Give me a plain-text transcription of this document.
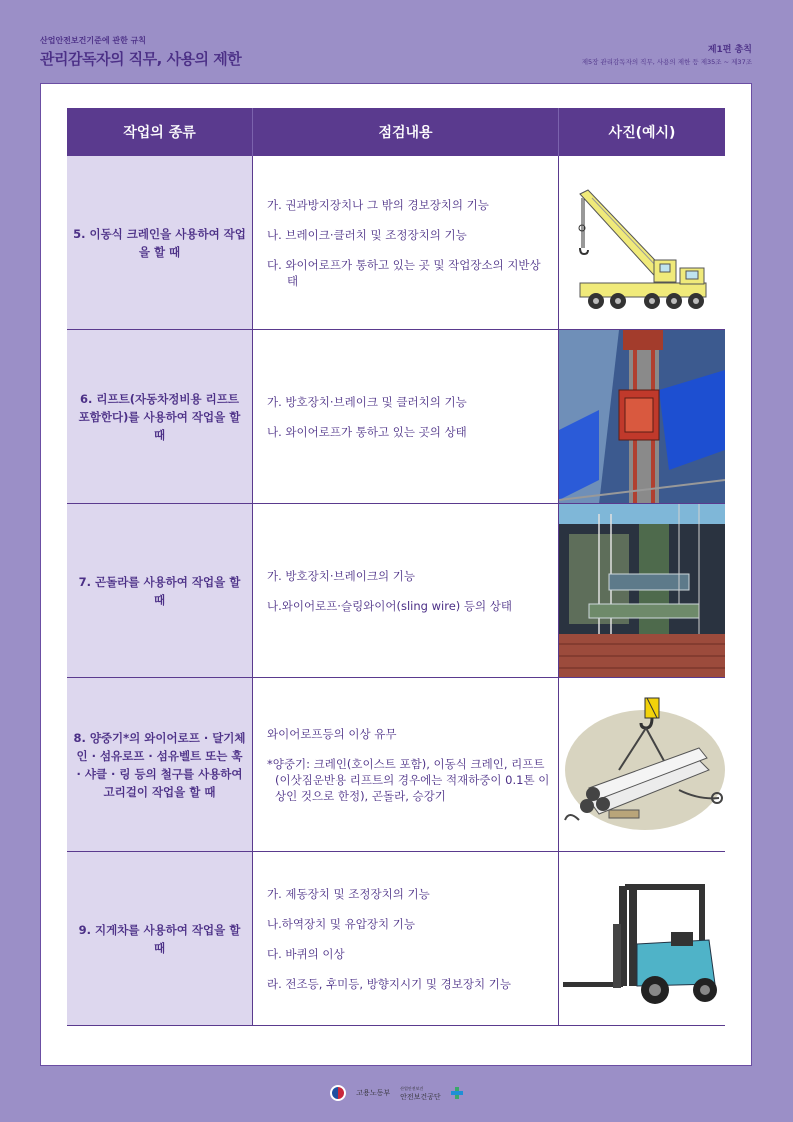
산업안전보건기준에 관한 규칙
관리감독자의 직무, 사용의 제한	제1편 총칙
제5장 관리감독자의 직무, 사용의 제한 등 제35조 ~ 제37조
작업의 종류	점검내용	사진(예시)
5. 이동식 크레인을 사용하여 작업을 할 때
가. 권과방지장치나 그 밖의 경보장치의 기능
나. 브레이크·클러치 및 조정장치의 기능
다. 와이어로프가 통하고 있는 곳 및 작업장소의 지반상태
6. 리프트(자동차정비용 리프트 포함한다)를 사용하여 작업을 할 때
가. 방호장치·브레이크 및 클러치의 기능
나. 와이어로프가 통하고 있는 곳의 상태
7. 곤돌라를 사용하여 작업을 할 때
가. 방호장치·브레이크의 기능
나.와이어로프·슬링와이어(sling wire) 등의 상태
8. 양중기*의 와이어로프 · 달기체인 · 섬유로프 · 섬유벨트 또는 훅 · 샤클 · 링 등의 철구를 사용하여 고리걸이 작업을 할 때
와이어로프등의 이상 유무
*양중기: 크레인(호이스트 포함), 이동식 크레인, 리프트(이삿짐운반용 리프트의 경우에는 적재하중이 0.1톤 이상인 것으로 한정), 곤돌라, 승강기
9. 지게차를 사용하여 작업을 할 때
가. 제동장치 및 조정장치의 기능
나.하역장치 및 유압장치 기능
다. 바퀴의 이상
라. 전조등, 후미등, 방향지시기 및 경보장치 기능
고용노동부
산업안전보건
안전보건공단
